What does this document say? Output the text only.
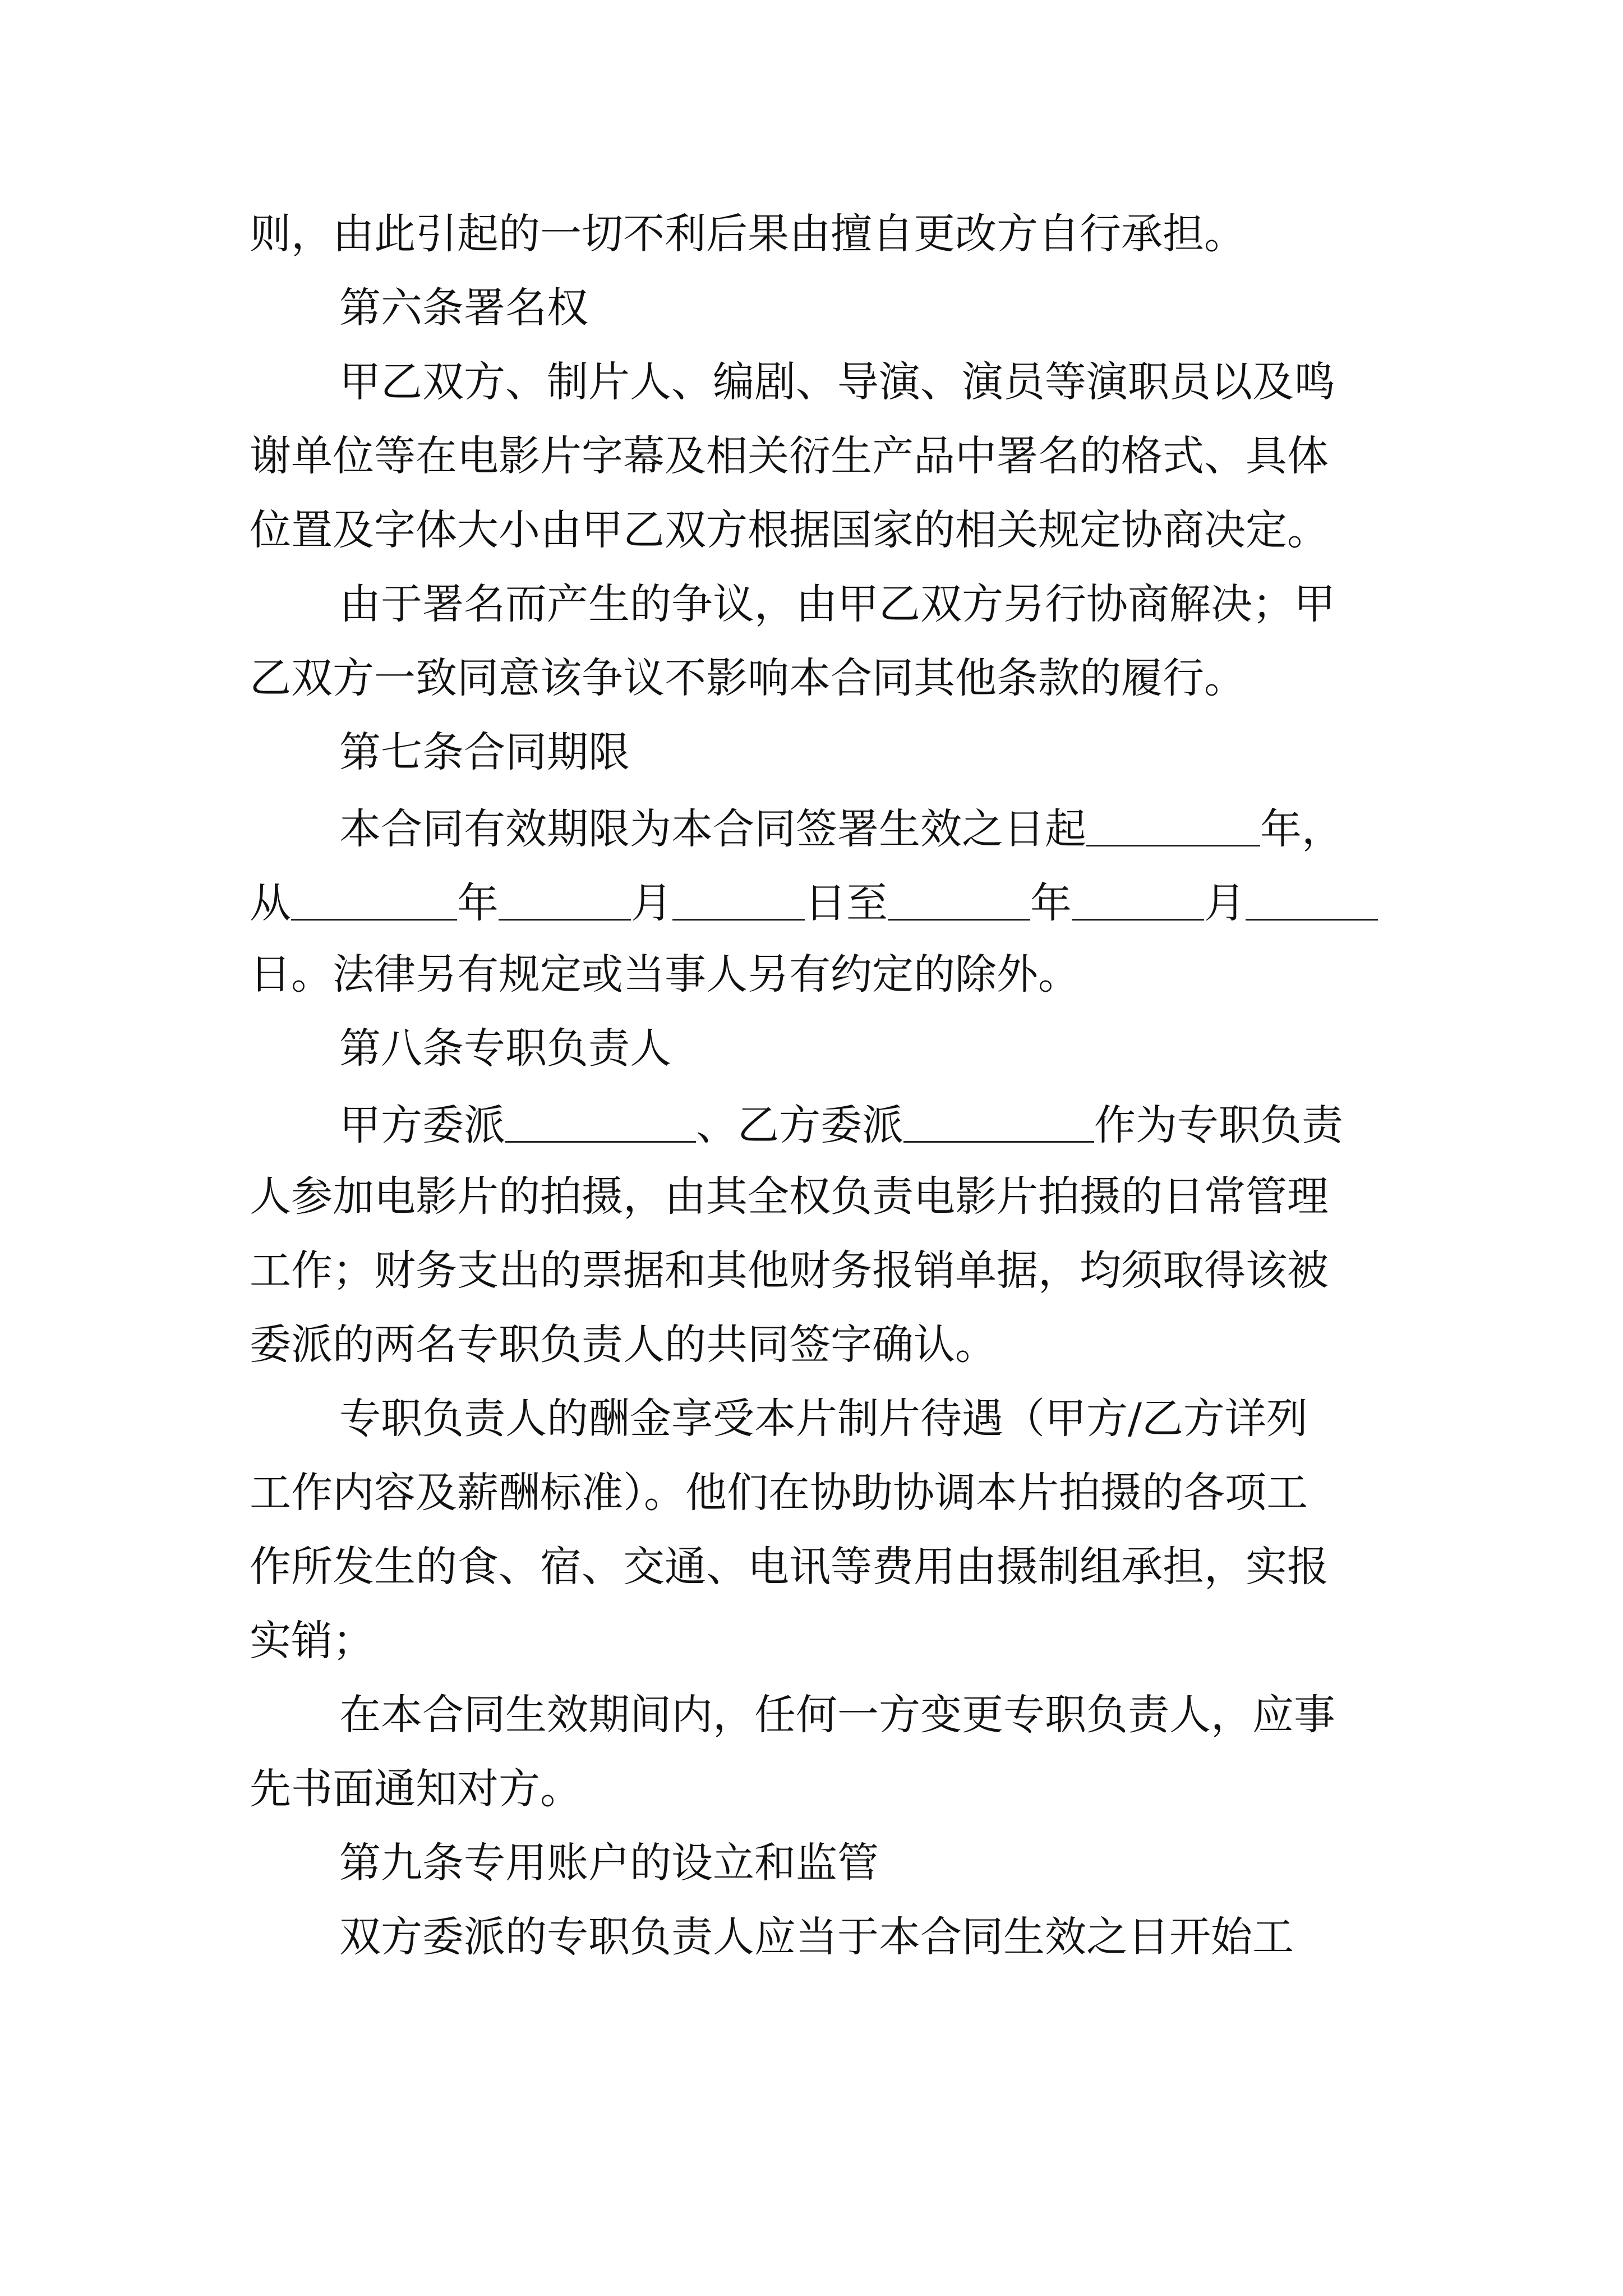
则，由此引起的一切不利后果由擅自更改方自行承担。
第六条署名权
甲乙双方、制片人、编剧、导演、演员等演职员以及鸣
谢单位等在电影片字幕及相关衍生产品中署名的格式、具体
位置及字体大小由甲乙双方根据国家的相关规定协商决定。
由于署名而产生的争议，由甲乙双方另行协商解决；甲
乙双方一致同意该争议不影响本合同其他条款的履行。
第七条合同期限
本合同有效期限为本合同签署生效之日起	年，
从	年	月	日至	年	月
日。法律另有规定或当事人另有约定的除外。
第八条专职负责人
甲方委派	、乙方委派	作为专职负责
人参加电影片的拍摄，由其全权负责电影片拍摄的日常管理
工作；财务支出的票据和其他财务报销单据，均须取得该被
委派的两名专职负责人的共同签字确认。
专职负责人的酬金享受本片制片待遇（甲方/乙方详列
工作内容及薪酬标准）。他们在协助协调本片拍摄的各项工
作所发生的食、宿、交通、电讯等费用由摄制组承担，实报
实销；
在本合同生效期间内，任何一方变更专职负责人，应事
先书面通知对方。
第九条专用账户的设立和监管
双方委派的专职负责人应当于本合同生效之日开始工
